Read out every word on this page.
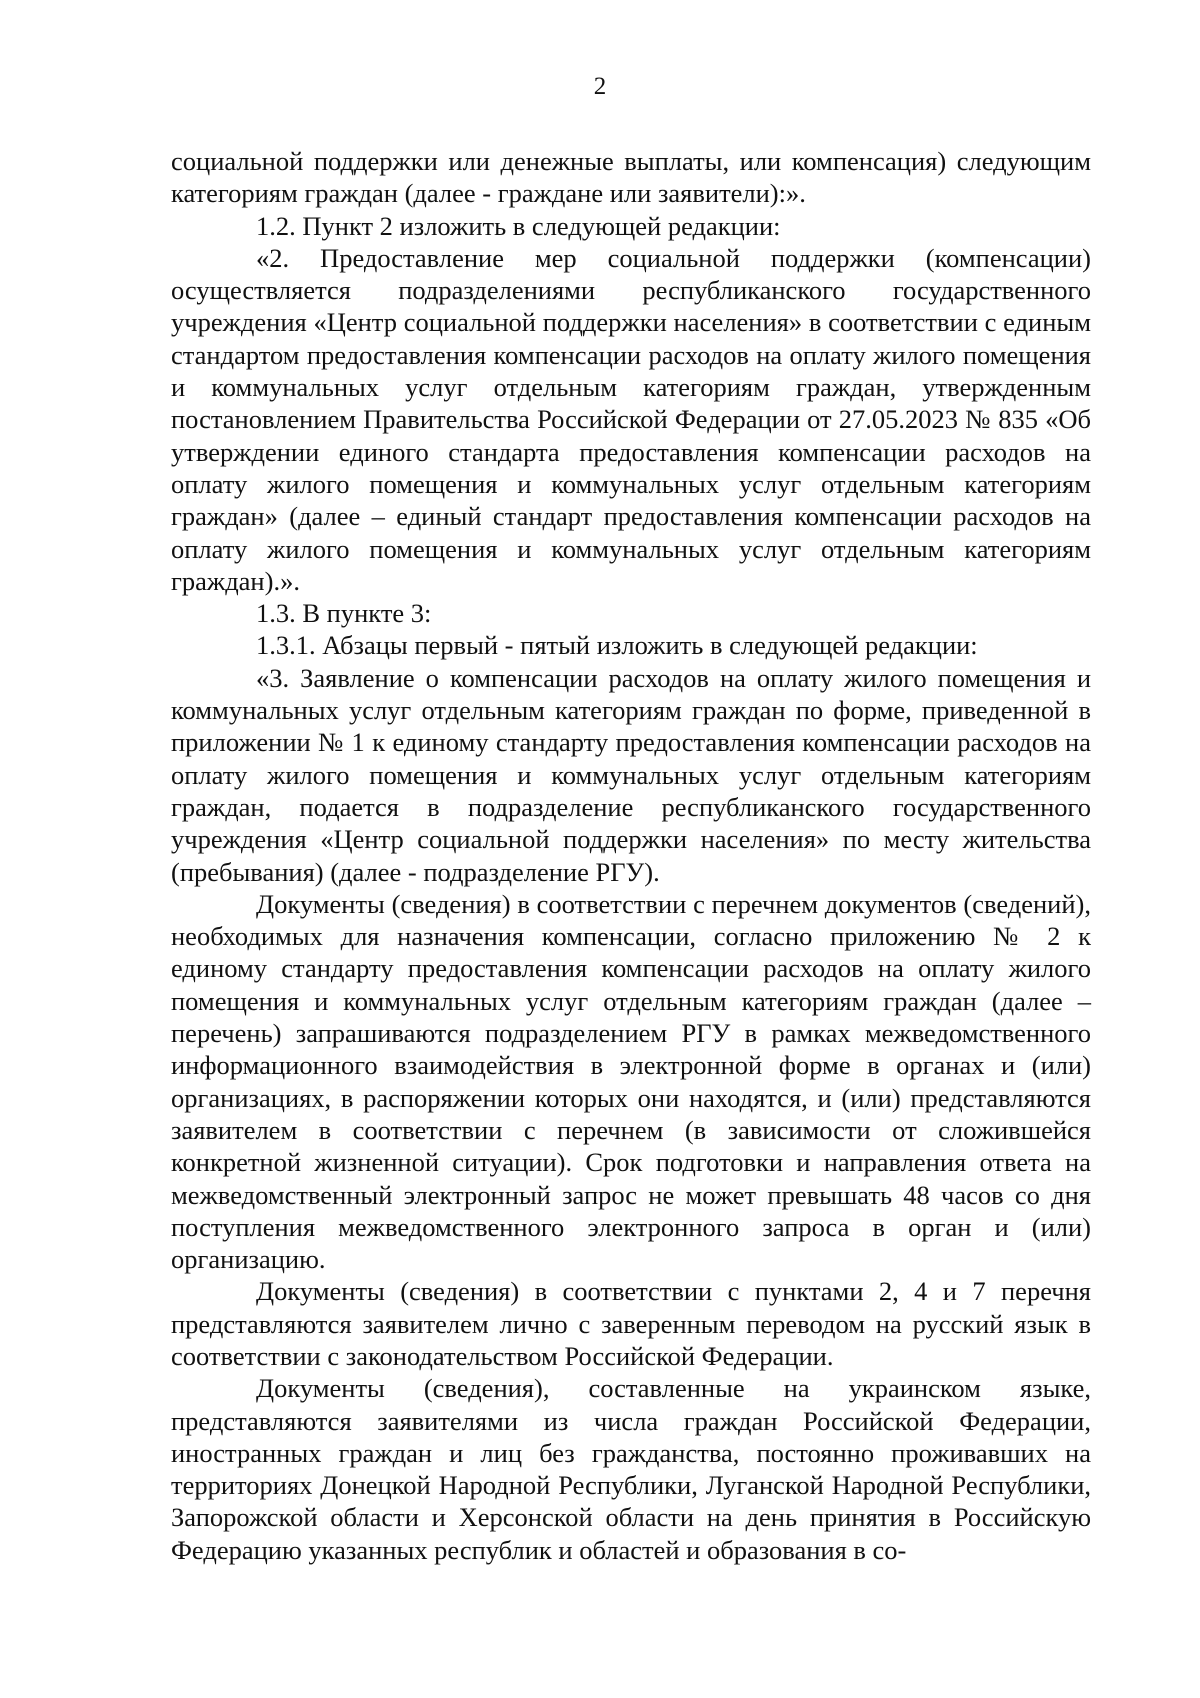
2

социальной поддержки или денежные выплаты, или компенсация) следующим категориям граждан (далее - граждане или заявители):».

1.2. Пункт 2 изложить в следующей редакции:

«2. Предоставление мер социальной поддержки (компенсации) осуществляется подразделениями республиканского государственного учреждения «Центр социальной поддержки населения» в соответствии с единым стандартом предоставления компенсации расходов на оплату жилого помещения и коммунальных услуг отдельным категориям граждан, утвержденным постановлением Правительства Российской Федерации от 27.05.2023 № 835 «Об утверждении единого стандарта предоставления компенсации расходов на оплату жилого помещения и коммунальных услуг отдельным категориям граждан» (далее – единый стандарт предоставления компенсации расходов на оплату жилого помещения и коммунальных услуг отдельным категориям граждан).».

1.3. В пункте 3:

1.3.1. Абзацы первый - пятый изложить в следующей редакции:

«3. Заявление о компенсации расходов на оплату жилого помещения и коммунальных услуг отдельным категориям граждан по форме, приведенной в приложении № 1 к единому стандарту предоставления компенсации расходов на оплату жилого помещения и коммунальных услуг отдельным категориям граждан, подается в подразделение республиканского государственного учреждения «Центр социальной поддержки населения» по месту жительства (пребывания) (далее - подразделение РГУ).

Документы (сведения) в соответствии с перечнем документов (сведений), необходимых для назначения компенсации, согласно приложению № 2 к единому стандарту предоставления компенсации расходов на оплату жилого помещения и коммунальных услуг отдельным категориям граждан (далее – перечень) запрашиваются подразделением РГУ в рамках межведомственного информационного взаимодействия в электронной форме в органах и (или) организациях, в распоряжении которых они находятся, и (или) представляются заявителем в соответствии с перечнем (в зависимости от сложившейся конкретной жизненной ситуации). Срок подготовки и направления ответа на межведомственный электронный запрос не может превышать 48 часов со дня поступления межведомственного электронного запроса в орган и (или) организацию.

Документы (сведения) в соответствии с пунктами 2, 4 и 7 перечня представляются заявителем лично с заверенным переводом на русский язык в соответствии с законодательством Российской Федерации.

Документы (сведения), составленные на украинском языке, представляются заявителями из числа граждан Российской Федерации, иностранных граждан и лиц без гражданства, постоянно проживавших на территориях Донецкой Народной Республики, Луганской Народной Республики, Запорожской области и Херсонской области на день принятия в Российскую Федерацию указанных республик и областей и образования в со-
